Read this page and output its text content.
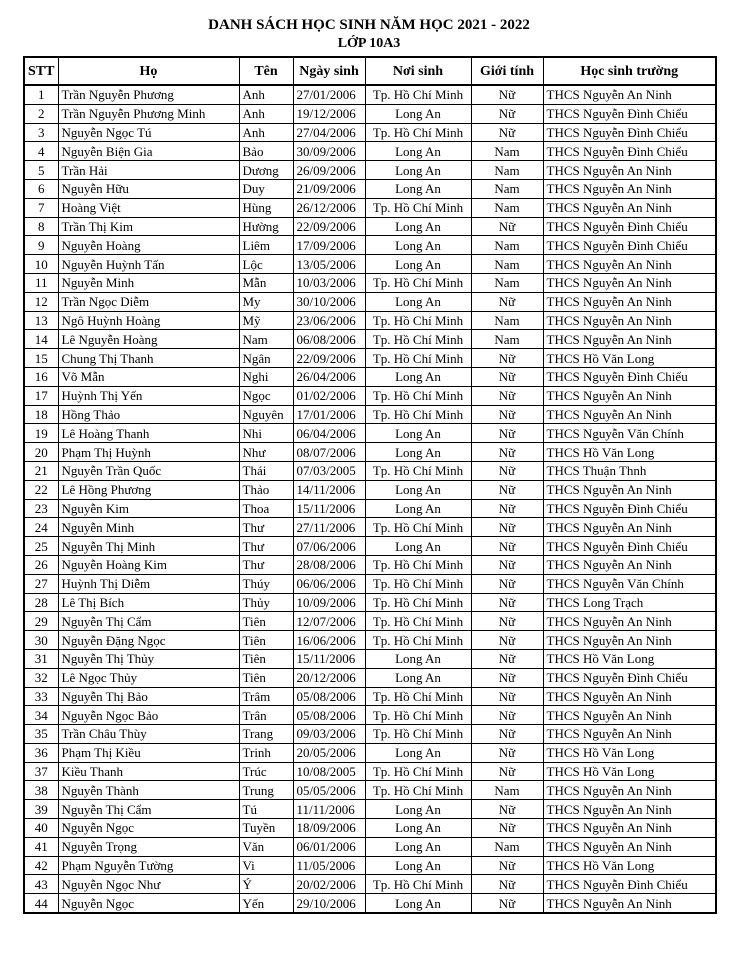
DANH SÁCH HỌC SINH NĂM HỌC 2021 - 2022
LỚP 10A3
STT	Họ	Tên	Ngày sinh	Nơi sinh	Giới tính	Học sinh trường
1	Trần Nguyễn Phương	Anh	27/01/2006	Tp. Hồ Chí Minh	Nữ	THCS Nguyễn An Ninh
2	Trần Nguyễn Phương Minh	Anh	19/12/2006	Long An	Nữ	THCS Nguyễn Đình Chiểu
3	Nguyễn Ngọc Tú	Anh	27/04/2006	Tp. Hồ Chí Minh	Nữ	THCS Nguyễn Đình Chiểu
4	Nguyễn Biện Gia	Bảo	30/09/2006	Long An	Nam	THCS Nguyễn Đình Chiểu
5	Trần Hải	Dương	26/09/2006	Long An	Nam	THCS Nguyễn An Ninh
6	Nguyễn Hữu	Duy	21/09/2006	Long An	Nam	THCS Nguyễn An Ninh
7	Hoàng Việt	Hùng	26/12/2006	Tp. Hồ Chí Minh	Nam	THCS Nguyễn An Ninh
8	Trần Thị Kim	Hường	22/09/2006	Long An	Nữ	THCS Nguyễn Đình Chiểu
9	Nguyễn Hoàng	Liêm	17/09/2006	Long An	Nam	THCS Nguyễn Đình Chiểu
10	Nguyễn Huỳnh Tấn	Lộc	13/05/2006	Long An	Nam	THCS Nguyễn An Ninh
11	Nguyễn Minh	Mẫn	10/03/2006	Tp. Hồ Chí Minh	Nam	THCS Nguyễn An Ninh
12	Trần Ngọc Diễm	My	30/10/2006	Long An	Nữ	THCS Nguyễn An Ninh
13	Ngô Huỳnh Hoàng	Mỹ	23/06/2006	Tp. Hồ Chí Minh	Nam	THCS Nguyễn An Ninh
14	Lê Nguyễn Hoàng	Nam	06/08/2006	Tp. Hồ Chí Minh	Nam	THCS Nguyễn An Ninh
15	Chung Thị Thanh	Ngân	22/09/2006	Tp. Hồ Chí Minh	Nữ	THCS Hồ Văn Long
16	Võ Mẫn	Nghi	26/04/2006	Long An	Nữ	THCS Nguyễn Đình Chiểu
17	Huỳnh Thị Yến	Ngọc	01/02/2006	Tp. Hồ Chí Minh	Nữ	THCS Nguyễn An Ninh
18	Hồng Thảo	Nguyên	17/01/2006	Tp. Hồ Chí Minh	Nữ	THCS Nguyễn An Ninh
19	Lê Hoàng Thanh	Nhi	06/04/2006	Long An	Nữ	THCS Nguyễn Văn Chính
20	Phạm Thị Huỳnh	Như	08/07/2006	Long An	Nữ	THCS Hồ Văn Long
21	Nguyễn Trần Quốc	Thái	07/03/2005	Tp. Hồ Chí Minh	Nữ	THCS Thuận Thnh
22	Lê Hồng Phương	Thảo	14/11/2006	Long An	Nữ	THCS Nguyễn An Ninh
23	Nguyễn Kim	Thoa	15/11/2006	Long An	Nữ	THCS Nguyễn Đình Chiểu
24	Nguyễn Minh	Thư	27/11/2006	Tp. Hồ Chí Minh	Nữ	THCS Nguyễn An Ninh
25	Nguyễn Thị Minh	Thư	07/06/2006	Long An	Nữ	THCS Nguyễn Đình Chiểu
26	Nguyễn Hoàng Kim	Thư	28/08/2006	Tp. Hồ Chí Minh	Nữ	THCS Nguyễn An Ninh
27	Huỳnh Thị Diễm	Thúy	06/06/2006	Tp. Hồ Chí Minh	Nữ	THCS Nguyễn Văn Chính
28	Lê Thị Bích	Thủy	10/09/2006	Tp. Hồ Chí Minh	Nữ	THCS Long Trạch
29	Nguyễn Thị Cẩm	Tiên	12/07/2006	Tp. Hồ Chí Minh	Nữ	THCS Nguyễn An Ninh
30	Nguyễn Đặng Ngọc	Tiên	16/06/2006	Tp. Hồ Chí Minh	Nữ	THCS Nguyễn An Ninh
31	Nguyễn Thị Thủy	Tiên	15/11/2006	Long An	Nữ	THCS Hồ Văn Long
32	Lê Ngọc Thủy	Tiên	20/12/2006	Long An	Nữ	THCS Nguyễn Đình Chiểu
33	Nguyễn Thị Bảo	Trâm	05/08/2006	Tp. Hồ Chí Minh	Nữ	THCS Nguyễn An Ninh
34	Nguyễn Ngọc Bảo	Trân	05/08/2006	Tp. Hồ Chí Minh	Nữ	THCS Nguyễn An Ninh
35	Trần Châu Thùy	Trang	09/03/2006	Tp. Hồ Chí Minh	Nữ	THCS Nguyễn An Ninh
36	Phạm Thị Kiều	Trinh	20/05/2006	Long An	Nữ	THCS Hồ Văn Long
37	Kiều Thanh	Trúc	10/08/2005	Tp. Hồ Chí Minh	Nữ	THCS Hồ Văn Long
38	Nguyễn Thành	Trung	05/05/2006	Tp. Hồ Chí Minh	Nam	THCS Nguyễn An Ninh
39	Nguyễn Thị Cẩm	Tú	11/11/2006	Long An	Nữ	THCS Nguyễn An Ninh
40	Nguyễn Ngọc	Tuyền	18/09/2006	Long An	Nữ	THCS Nguyễn An Ninh
41	Nguyễn Trọng	Văn	06/01/2006	Long An	Nam	THCS Nguyễn An Ninh
42	Phạm Nguyễn Tường	Vi	11/05/2006	Long An	Nữ	THCS Hồ Văn Long
43	Nguyễn Ngọc Như	Ý	20/02/2006	Tp. Hồ Chí Minh	Nữ	THCS Nguyễn Đình Chiểu
44	Nguyễn Ngọc	Yến	29/10/2006	Long An	Nữ	THCS Nguyễn An Ninh
